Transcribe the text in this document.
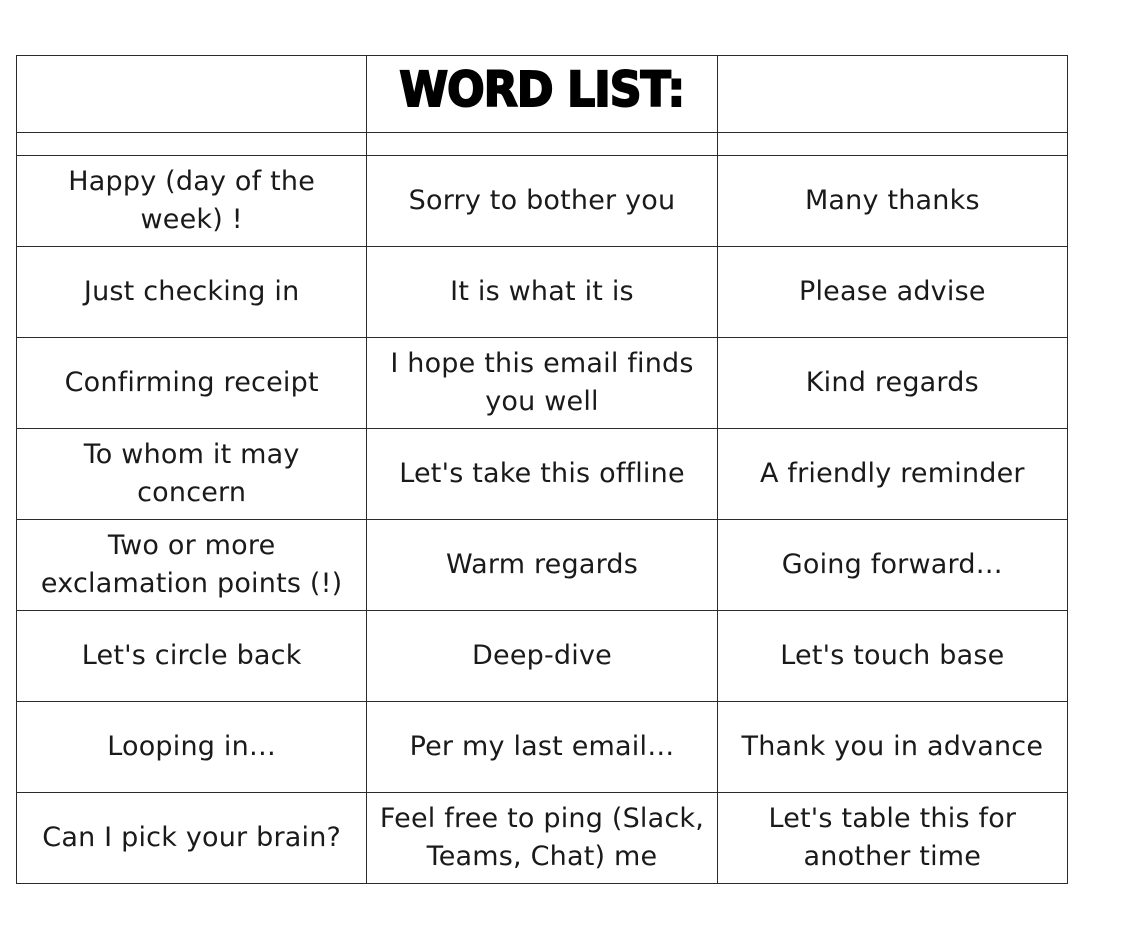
	WORD LIST:	

Happy (day of the week) !	Sorry to bother you	Many thanks
Just checking in	It is what it is	Please advise
Confirming receipt	I hope this email finds you well	Kind regards
To whom it may concern	Let's take this offline	A friendly reminder
Two or more exclamation points (!)	Warm regards	Going forward…
Let's circle back	Deep-dive	Let's touch base
Looping in…	Per my last email…	Thank you in advance
Can I pick your brain?	Feel free to ping (Slack, Teams, Chat) me	Let's table this for another time
